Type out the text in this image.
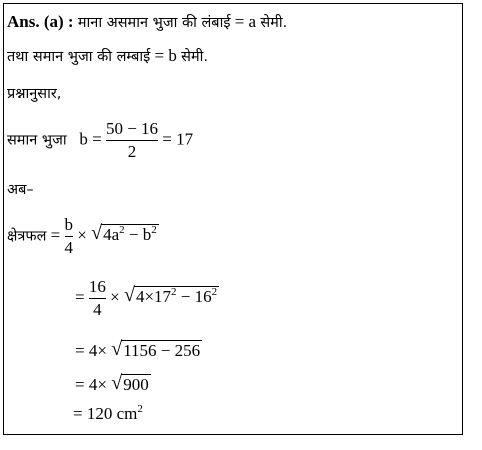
Ans. (a) : माना असमान भुजा की लंबाई = a सेमी.
तथा समान भुजा की लम्बाई = b सेमी.
प्रश्नानुसार,
समान भुजा $b = \frac{50 - 16}{2} = 17$
अब–
क्षेत्रफल = $\frac{b}{4}$ × √ $4a^2 - b^2$
= $\frac{16}{4}$ × √ $4\times 17^2 - 16^2$
= 4× √ 1156 − 256
= 4× √ 900
= 120 $cm^2$
